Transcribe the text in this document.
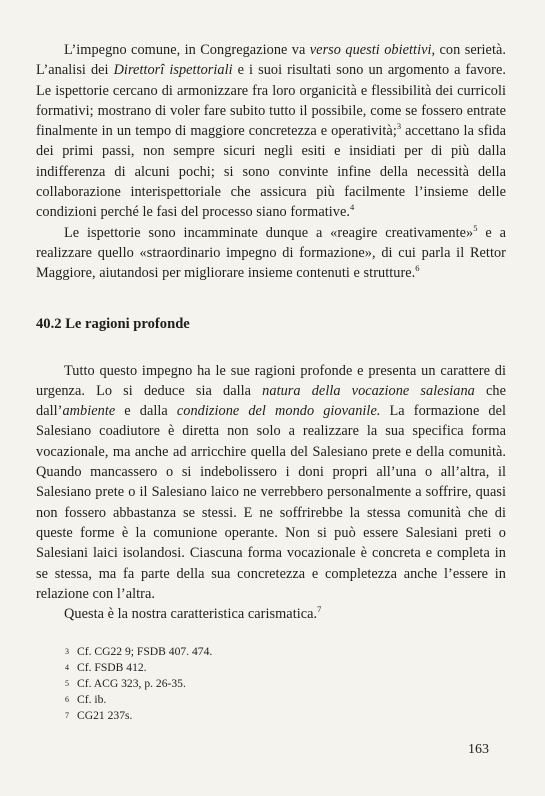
L’impegno comune, in Congregazione va verso questi obiettivi, con serietà. L’analisi dei Direttorî ispettoriali e i suoi risultati sono un argomento a favore. Le ispettorie cercano di armonizzare fra loro organicità e flessibilità dei curricoli formativi; mostrano di voler fare subito tutto il possibile, come se fossero entrate finalmente in un tempo di maggiore concretezza e operatività;$^3$ accettano la sfida dei primi passi, non sempre sicuri negli esiti e insidiati per di più dalla indifferenza di alcuni pochi; si sono convinte infine della necessità della collaborazione interispettoriale che assicura più facilmente l’insieme delle condizioni perché le fasi del processo siano formative.$^4$

Le ispettorie sono incamminate dunque a «reagire creativamente»$^5$ e a realizzare quello «straordinario impegno di formazione», di cui parla il Rettor Maggiore, aiutandosi per migliorare insieme contenuti e strutture.$^6$

40.2 Le ragioni profonde

Tutto questo impegno ha le sue ragioni profonde e presenta un carattere di urgenza. Lo si deduce sia dalla natura della vocazione salesiana che dall’ambiente e dalla condizione del mondo giovanile. La formazione del Salesiano coadiutore è diretta non solo a realizzare la sua specifica forma vocazionale, ma anche ad arricchire quella del Salesiano prete e della comunità. Quando mancassero o si indebolissero i doni propri all’una o all’altra, il Salesiano prete o il Salesiano laico ne verrebbero personalmente a soffrire, quasi non fossero abbastanza se stessi. E ne soffrirebbe la stessa comunità che di queste forme è la comunione operante. Non si può essere Salesiani preti o Salesiani laici isolandosi. Ciascuna forma vocazionale è concreta e completa in se stessa, ma fa parte della sua concretezza e completezza anche l’essere in relazione con l’altra.

Questa è la nostra caratteristica carismatica.$^7$

3 Cf. CG22 9; FSDB 407. 474.
4 Cf. FSDB 412.
5 Cf. ACG 323, p. 26-35.
6 Cf. ib.
7 CG21 237s.
163
